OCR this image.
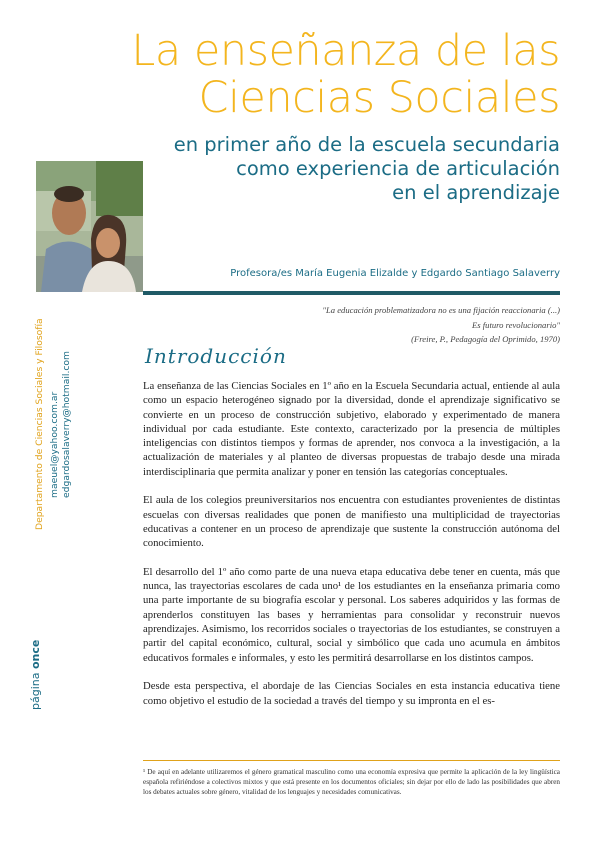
La enseñanza de las
Ciencias Sociales
en primer año de la escuela secundaria
como experiencia de articulación
en el aprendizaje
Profesora/es María Eugenia Elizalde y Edgardo Santiago Salaverry
"La educación problematizadora no es una fijación reaccionaria (...)
Es futuro revolucionario"
(Freire, P., Pedagogía del Oprimido, 1970)
Departamento de Ciencias Sociales y Filosofía maeuel@yahoo.com.ar edgardosalaverry@hotmail.com
página once
Introducción

La enseñanza de las Ciencias Sociales en 1º año en la Escuela Secundaria actual, entiende al aula como un espacio heterogéneo signado por la diversidad, donde el aprendizaje significativo se convierte en un proceso de construcción subjetivo, elaborado y experimentado de manera individual por cada estudiante. Este contexto, caracterizado por la presencia de múltiples inteligencias con distintos tiempos y formas de aprender, nos convoca a la investigación, a la actualización de materiales y al planteo de diversas propuestas de trabajo desde una mirada interdisciplinaria que permita analizar y poner en tensión las categorías conceptuales.

El aula de los colegios preuniversitarios nos encuentra con estudiantes provenientes de distintas escuelas con diversas realidades que ponen de manifiesto una multiplicidad de trayectorias educativas a contener en un proceso de aprendizaje que sustente la construcción autónoma del conocimiento.

El desarrollo del 1º año como parte de una nueva etapa educativa debe tener en cuenta, más que nunca, las trayectorias escolares de cada uno¹ de los estudiantes en la enseñanza primaria como una parte importante de su biografía escolar y personal. Los saberes adquiridos y las formas de aprenderlos constituyen las bases y herramientas para consolidar y reconstruir nuevos aprendizajes. Asimismo, los recorridos sociales o trayectorias de los estudiantes, se construyen a partir del capital económico, cultural, social y simbólico que cada uno acumula en ámbitos educativos formales e informales, y esto les permitirá desarrollarse en los distintos campos.

Desde esta perspectiva, el abordaje de las Ciencias Sociales en esta instancia educativa tiene como objetivo el estudio de la sociedad a través del tiempo y su impronta en el es-

¹ De aquí en adelante utilizaremos el género gramatical masculino como una economía expresiva que permite la aplicación de la ley lingüística española refiriéndose a colectivos mixtos y que está presente en los documentos oficiales; sin dejar por ello de lado las posibilidades que abren los debates actuales sobre género, vitalidad de los lenguajes y necesidades comunicativas.
